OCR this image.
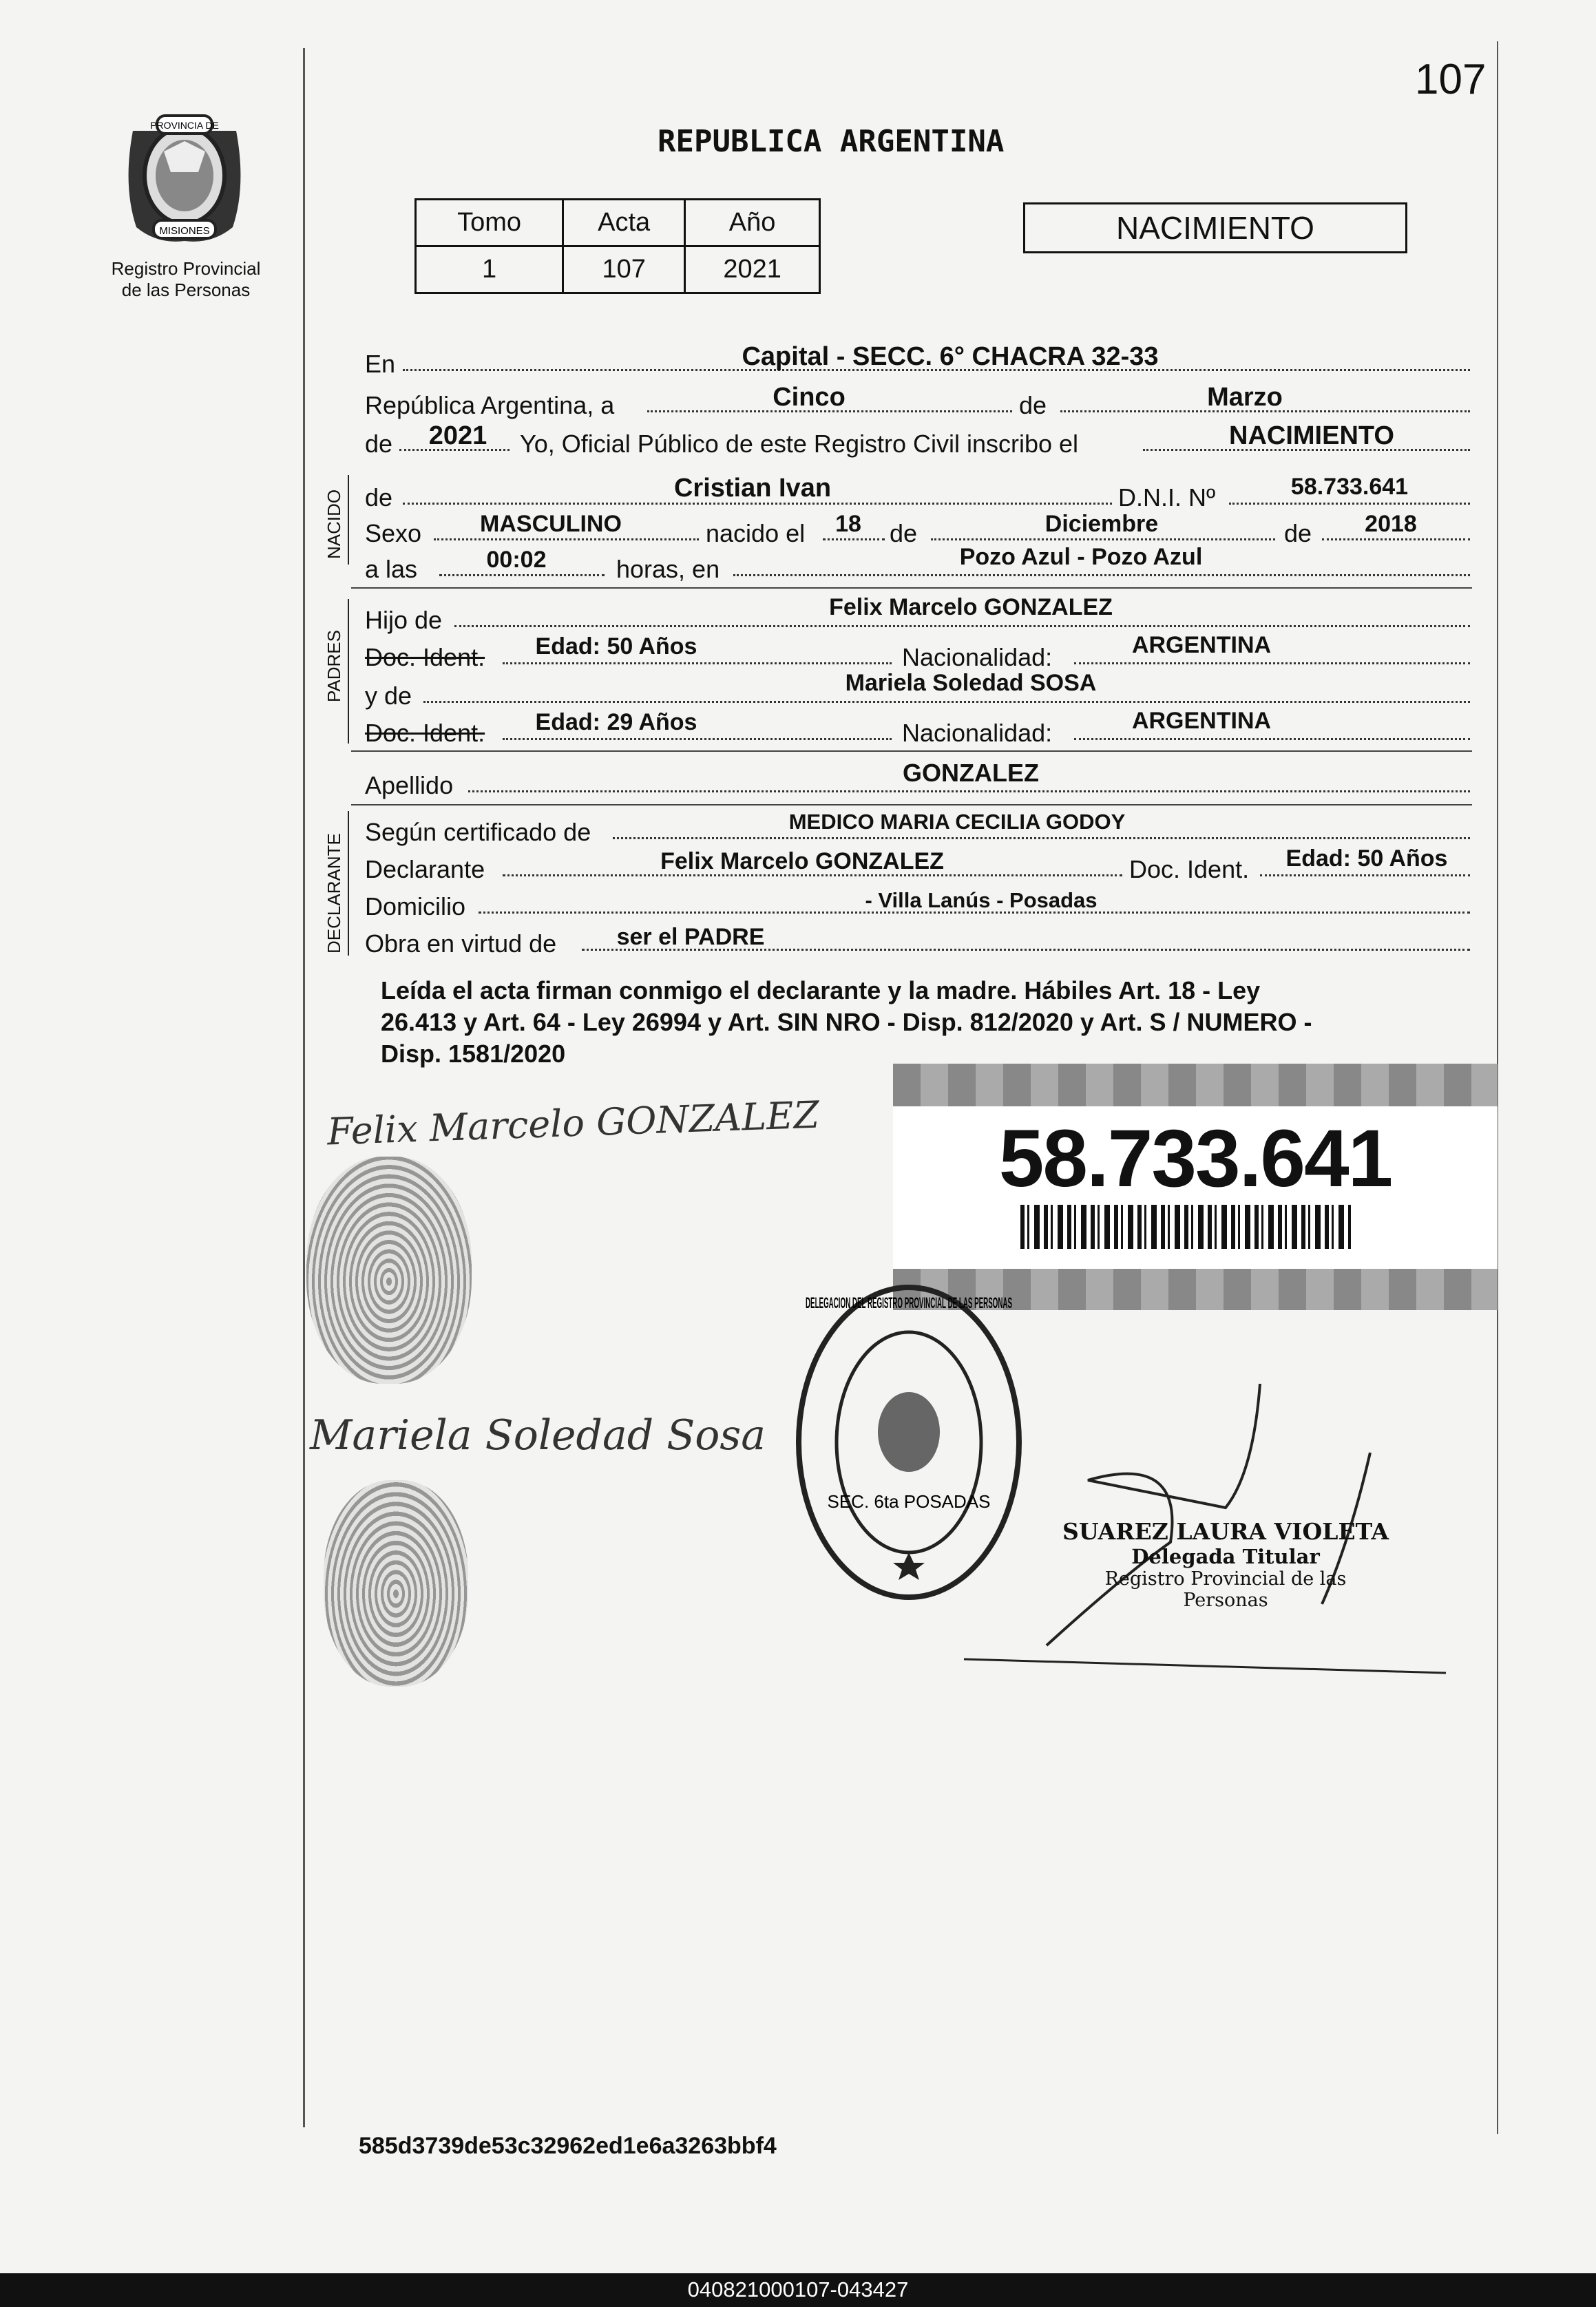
107
PROVINCIA DE
MISIONES
Registro Provincial
de las Personas
REPUBLICA ARGENTINA
Tomo	Acta	Año
1	107	2021
NACIMIENTO
En	Capital - SECC. 6° CHACRA 32-33
República Argentina, a	Cinco	de	Marzo
de 2021 Yo, Oficial Público de este Registro Civil inscribo el	NACIMIENTO
NACIDO de	Cristian Ivan	D.N.I. Nº	58.733.641
Sexo MASCULINO	nacido el 18 de	Diciembre	de 2018
a las	00:02	horas, en	Pozo Azul - Pozo Azul
PADRES
Hijo de	Felix Marcelo GONZALEZ
Doc. Ident. Edad: 50 Años	Nacionalidad:	ARGENTINA
y de	Mariela Soledad SOSA
Doc. Ident. Edad: 29 Años	Nacionalidad:	ARGENTINA
Apellido	GONZALEZ
DECLARANTE
Según certificado de	MEDICO MARIA CECILIA GODOY
Declarante	Felix Marcelo GONZALEZ	Doc. Ident. Edad: 50 Años
Domicilio	- Villa Lanús - Posadas
Obra en virtud de	ser el PADRE
Leída el acta firman conmigo el declarante y la madre. Hábiles Art. 18 - Ley
26.413 y Art. 64 - Ley 26994 y Art. SIN NRO - Disp. 812/2020 y Art. S / NUMERO -
Disp. 1581/2020
Felix Marcelo GONZALEZ
Mariela Soledad Sosa
58.733.641
DELEGACION DEL REGISTRO PROVINCIAL DE LAS PERSONAS
SEC. 6ta POSADAS
SUAREZ LAURA VIOLETA
Delegada Titular
Registro Provincial de las Personas
585d3739de53c32962ed1e6a3263bbf4
040821000107-043427
